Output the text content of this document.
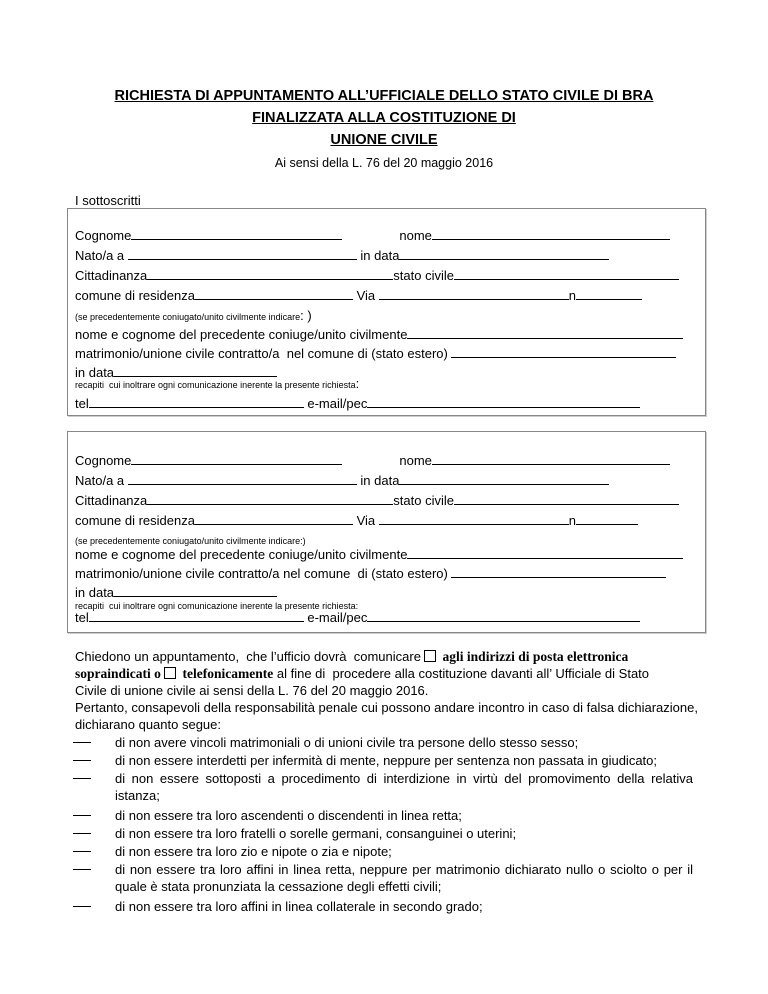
RICHIESTA DI APPUNTAMENTO ALL’UFFICIALE DELLO STATO CIVILE DI BRA
FINALIZZATA ALLA COSTITUZIONE DI
UNIONE CIVILE
Ai sensi della L. 76 del 20 maggio 2016
I sottoscritti
Cognome	nome
Nato/a a	in data
Cittadinanza	stato civile
comune di residenza	Via	n
(se precedentemente coniugato/unito civilmente indicare: )
nome e cognome del precedente coniuge/unito civilmente
matrimonio/unione civile contratto/a  nel comune di (stato estero)
in data
recapiti  cui inoltrare ogni comunicazione inerente la presente richiesta:
tel	e-mail/pec
Cognome	nome
Nato/a a	in data
Cittadinanza	stato civile
comune di residenza	Via	n
(se precedentemente coniugato/unito civilmente indicare:)
nome e cognome del precedente coniuge/unito civilmente
matrimonio/unione civile contratto/a nel comune  di (stato estero)
in data
recapiti  cui inoltrare ogni comunicazione inerente la presente richiesta:
tel	e-mail/pec
Chiedono un appuntamento,  che l’ufficio dovrà  comunicare agli indirizzi di posta elettronica
sopraindicati o telefonicamente al fine di  procedere alla costituzione davanti all’ Ufficiale di Stato
Civile di unione civile ai sensi della L. 76 del 20 maggio 2016.
Pertanto, consapevoli della responsabilità penale cui possono andare incontro in caso di falsa dichiarazione,
dichiarano quanto segue:
di non avere vincoli matrimoniali o di unioni civile tra persone dello stesso sesso;
di non essere interdetti per infermità di mente, neppure per sentenza non passata in giudicato;
di non essere sottoposti a procedimento di interdizione in virtù del promovimento della relativa istanza;
di non essere tra loro ascendenti o discendenti in linea retta;
di non essere tra loro fratelli o sorelle germani, consanguinei o uterini;
di non essere tra loro zio e nipote o zia e nipote;
di non essere tra loro affini in linea retta, neppure per matrimonio dichiarato nullo o sciolto o per il quale è stata pronunziata la cessazione degli effetti civili;
di non essere tra loro affini in linea collaterale in secondo grado;
